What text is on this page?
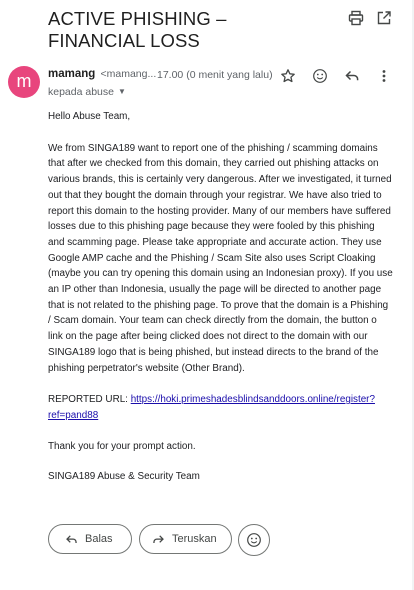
ACTIVE PHISHING – FINANCIAL LOSS
m	mamang <mamang... 17.00 (0 menit yang lalu)
kepada abuse ▼

Hello Abuse Team,

We from SINGA189 want to report one of the phishing / scamming domains that after we checked from this domain, they carried out phishing attacks on various brands, this is certainly very dangerous. After we investigated, it turned out that they bought the domain through your registrar. We have also tried to report this domain to the hosting provider. Many of our members have suffered losses due to this phishing page because they were fooled by this phishing and scamming page. Please take appropriate and accurate action. They use Google AMP cache and the Phishing / Scam Site also uses Script Cloaking (maybe you can try opening this domain using an Indonesian proxy). If you use an IP other than Indonesia, usually the page will be directed to another page that is not related to the phishing page. To prove that the domain is a Phishing / Scam domain. Your team can check directly from the domain, the button o link on the page after being clicked does not direct to the domain with our SINGA189 logo that is being phished, but instead directs to the brand of the phishing perpetrator's website (Other Brand).

REPORTED URL: https://hoki.primeshadesblindsanddoors.online/register?ref=pand88

Thank you for your prompt action.

SINGA189 Abuse & Security Team

Balas	Teruskan
